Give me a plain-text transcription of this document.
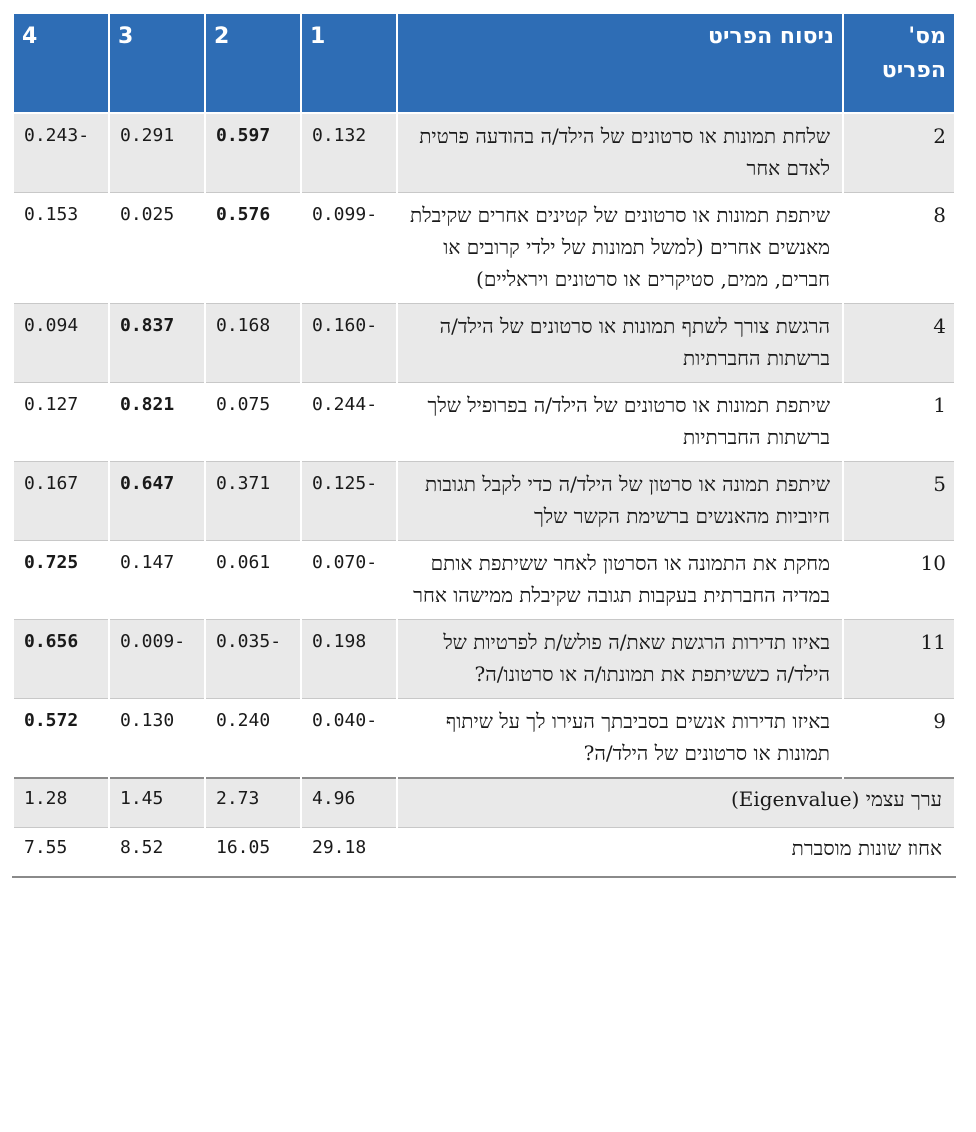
מס' הפריט	ניסוח הפריט	1	2	3	4
2	שלחת תמונות או סרטונים של הילד/ה בהודעה פרטית לאדם אחר	0.132	0.597	0.291	-0.243
8	שיתפת תמונות או סרטונים של קטינים אחרים שקיבלת מאנשים אחרים (למשל תמונות של ילדי קרובים או חברים, ממים, סטיקרים או סרטונים ויראליים)	-0.099	0.576	0.025	0.153
4	הרגשת צורך לשתף תמונות או סרטונים של הילד/ה ברשתות החברתיות	-0.160	0.168	0.837	0.094
1	שיתפת תמונות או סרטונים של הילד/ה בפרופיל שלך ברשתות החברתיות	-0.244	0.075	0.821	0.127
5	שיתפת תמונה או סרטון של הילד/ה כדי לקבל תגובות חיוביות מהאנשים ברשימת הקשר שלך	-0.125	0.371	0.647	0.167
10	מחקת את התמונה או הסרטון לאחר ששיתפת אותם במדיה החברתית בעקבות תגובה שקיבלת ממישהו אחר	-0.070	0.061	0.147	0.725
11	באיזו תדירות הרגשת שאת/ה פולש/ת לפרטיות של הילד/ה כששיתפת את תמונתו/ה או סרטונו/ה?	0.198	-0.035	-0.009	0.656
9	באיזו תדירות אנשים בסביבתך העירו לך על שיתוף תמונות או סרטונים של הילד/ה?	-0.040	0.240	0.130	0.572
ערך עצמי (Eigenvalue)		4.96	2.73	1.45	1.28
אחוז שונות מוסברת		29.18	16.05	8.52	7.55
